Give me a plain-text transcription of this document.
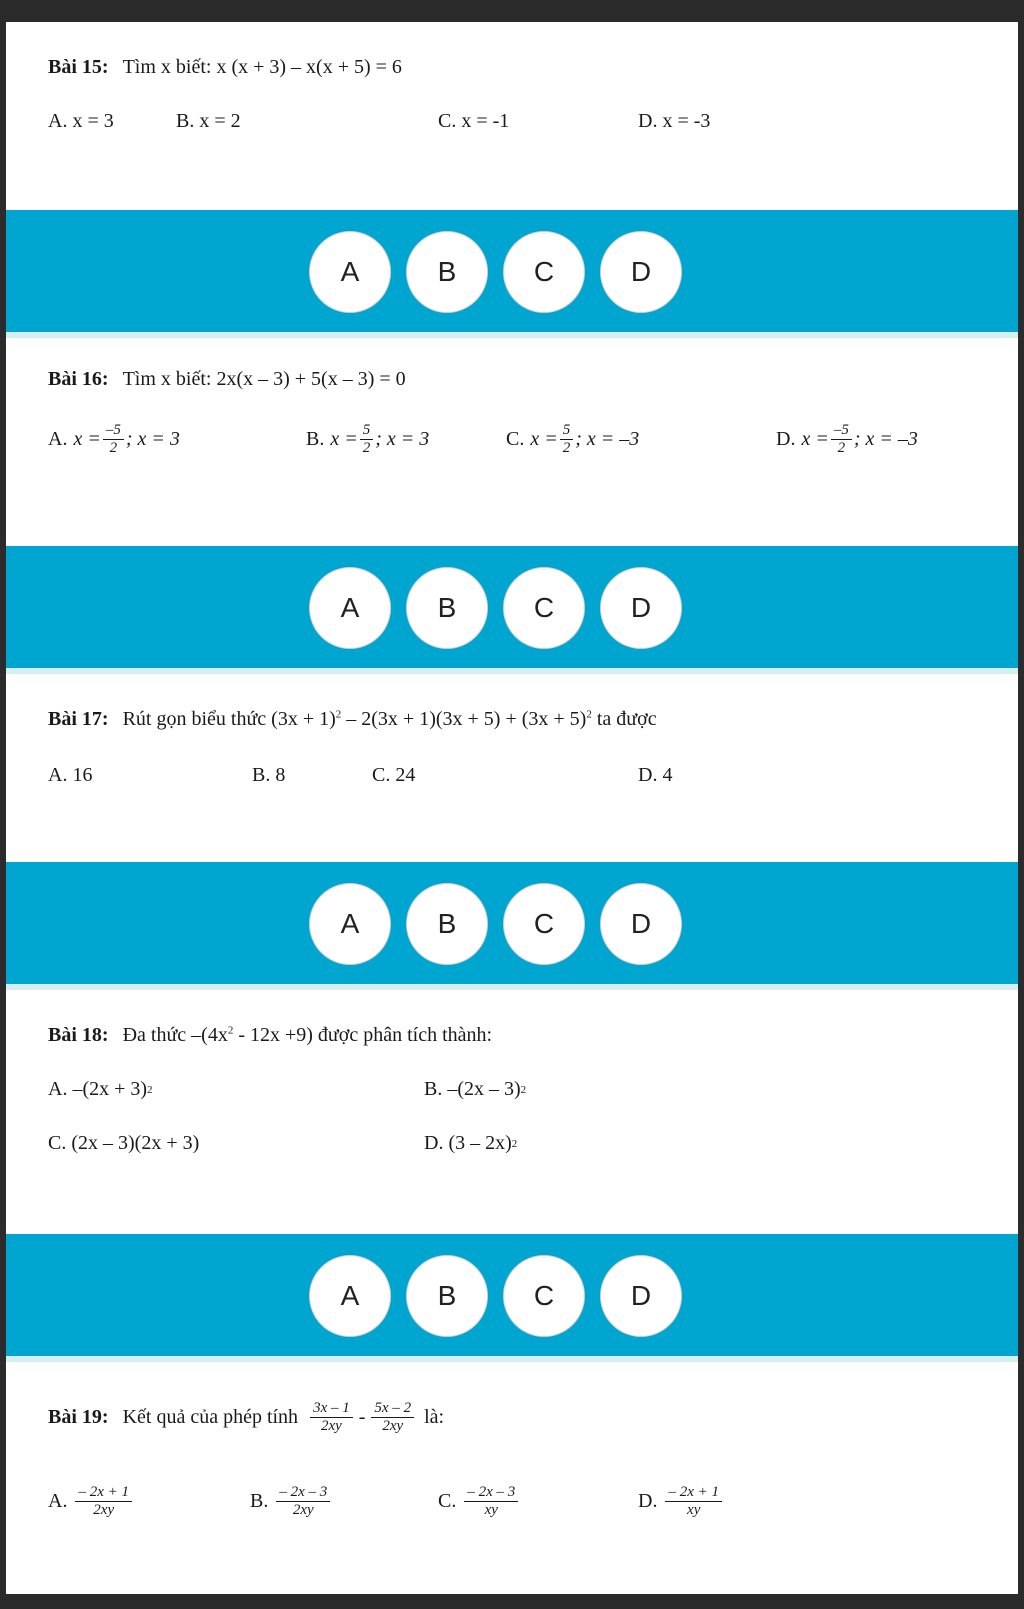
Bài 15: Tìm x biết: x (x + 3) – x(x + 5) = 6
A. x = 3	B. x = 2	C. x = -1	D. x = -3
A	B	C	D
Bài 16: Tìm x biết: 2x(x – 3) + 5(x – 3) = 0
A. $x = \frac{-5}{2}$ ; x = 3	B. $x = \frac{5}{2}$ ; x = 3	C. $x = \frac{5}{2}$ ; x = –3	D. $x = \frac{-5}{2}$ ; x = –3
A	B	C	D
Bài 17: Rút gọn biểu thức $(3x + 1)^2 - 2(3x + 1)(3x + 5) + (3x + 5)^2$ ta được
A. 16	B. 8	C. 24	D. 4
A	B	C	D
Bài 18: Đa thức $-(4x^2 - 12x +9)$ được phân tích thành:
A. –(2x + 3) 2	B. –(2x – 3) 2
C. (2x – 3)(2x + 3)	D. (3 – 2x) 2
A	B	C	D
Bài 19: Kết quả của phép tính $\frac{3x - 1}{2xy} - \frac{5x - 2}{2xy}$ là:
A. $\frac{- 2x + 1}{2xy}$	B. $\frac{- 2x - 3}{2xy}$	C. $\frac{- 2x - 3}{xy}$	D. $\frac{- 2x + 1}{xy}$
